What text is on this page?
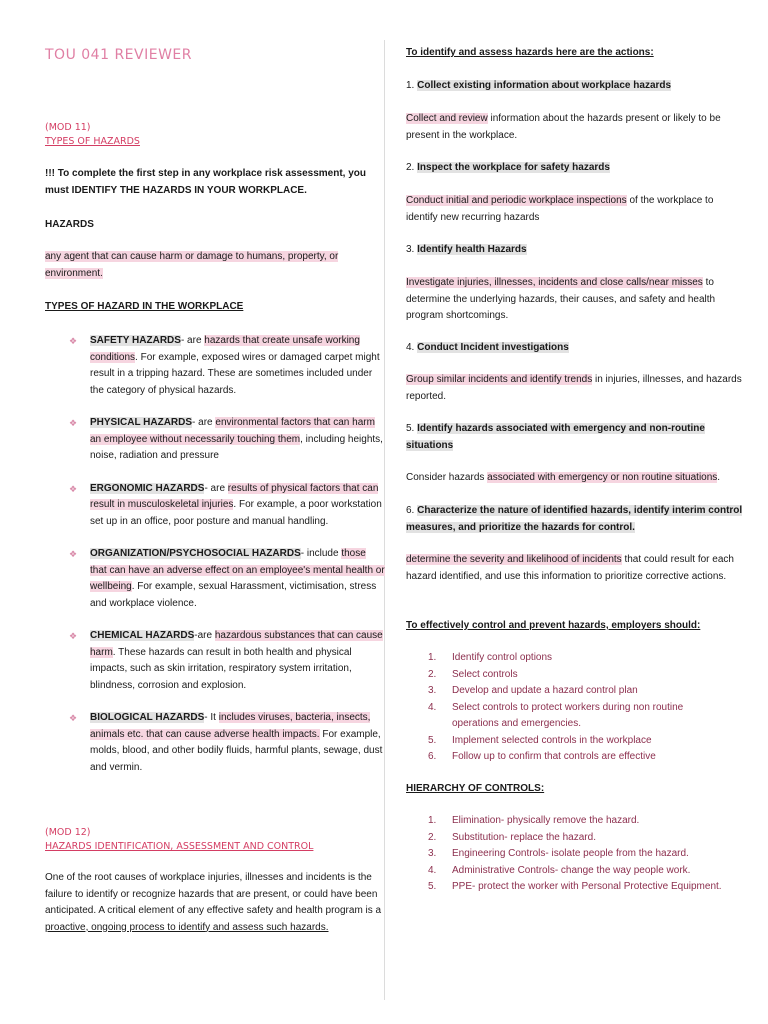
TOU 041 REVIEWER
(MOD 11)
TYPES OF HAZARDS

!!! To complete the first step in any workplace risk assessment, you must IDENTIFY THE HAZARDS IN YOUR WORKPLACE.

HAZARDS

any agent that can cause harm or damage to humans, property, or environment.

TYPES OF HAZARD IN THE WORKPLACE

❖ SAFETY HAZARDS- are hazards that create unsafe working conditions. For example, exposed wires or damaged carpet might result in a tripping hazard. These are sometimes included under the category of physical hazards.
❖ PHYSICAL HAZARDS- are environmental factors that can harm an employee without necessarily touching them, including heights, noise, radiation and pressure
❖ ERGONOMIC HAZARDS- are results of physical factors that can result in musculoskeletal injuries. For example, a poor workstation set up in an office, poor posture and manual handling.
❖ ORGANIZATION/PSYCHOSOCIAL HAZARDS- include those that can have an adverse effect on an employee's mental health or wellbeing. For example, sexual Harassment, victimisation, stress and workplace violence.
❖ CHEMICAL HAZARDS-are hazardous substances that can cause harm. These hazards can result in both health and physical impacts, such as skin irritation, respiratory system irritation, blindness, corrosion and explosion.
❖ BIOLOGICAL HAZARDS- It includes viruses, bacteria, insects, animals etc. that can cause adverse health impacts. For example, molds, blood, and other bodily fluids, harmful plants, sewage, dust and vermin.
(MOD 12)
HAZARDS IDENTIFICATION, ASSESSMENT AND CONTROL

One of the root causes of workplace injuries, illnesses and incidents is the failure to identify or recognize hazards that are present, or could have been anticipated. A critical element of any effective safety and health program is a proactive, ongoing process to identify and assess such hazards.

To identify and assess hazards here are the actions:

1. Collect existing information about workplace hazards

Collect and review information about the hazards present or likely to be present in the workplace.

2. Inspect the workplace for safety hazards

Conduct initial and periodic workplace inspections of the workplace to identify new recurring hazards

3. Identify health Hazards

Investigate injuries, illnesses, incidents and close calls/near misses to determine the underlying hazards, their causes, and safety and health program shortcomings.

4. Conduct Incident investigations

Group similar incidents and identify trends in injuries, illnesses, and hazards reported.

5. Identify hazards associated with emergency and non-routine situations

Consider hazards associated with emergency or non routine situations.

6. Characterize the nature of identified hazards, identify interim control measures, and prioritize the hazards for control.

determine the severity and likelihood of incidents that could result for each hazard identified, and use this information to prioritize corrective actions.

To effectively control and prevent hazards, employers should:

1. Identify control options
2. Select controls
3. Develop and update a hazard control plan
4. Select controls to protect workers during non routine operations and emergencies.
5. Implement selected controls in the workplace
6. Follow up to confirm that controls are effective

HIERARCHY OF CONTROLS:

1. Elimination- physically remove the hazard.
2. Substitution- replace the hazard.
3. Engineering Controls- isolate people from the hazard.
4. Administrative Controls- change the way people work.
5. PPE- protect the worker with Personal Protective Equipment.
